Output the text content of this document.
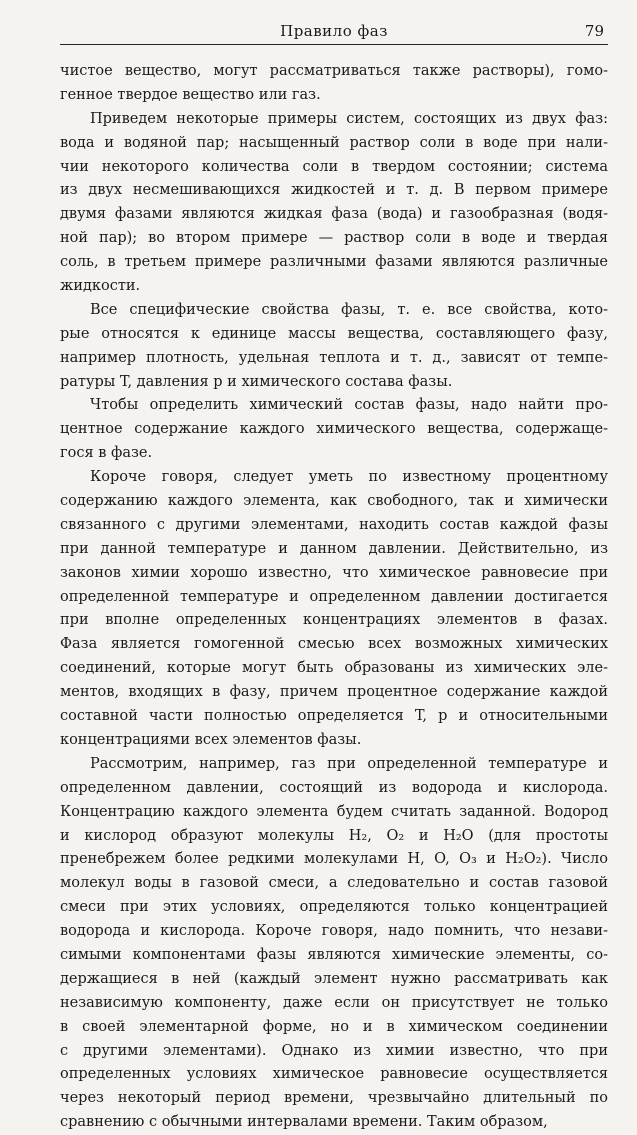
Правило фаз	79
чистое вещество, могут рассматриваться также растворы), гомо-
генное твердое вещество или газ.
Приведем некоторые примеры систем, состоящих из двух фаз:
вода и водяной пар; насыщенный раствор соли в воде при нали-
чии некоторого количества соли в твердом состоянии; система
из двух несмешивающихся жидкостей и т. д. В первом примере
двумя фазами являются жидкая фаза (вода) и газообразная (водя-
ной пар); во втором примере — раствор соли в воде и твердая
соль, в третьем примере различными фазами являются различные
жидкости.
Все специфические свойства фазы, т. е. все свойства, кото-
рые относятся к единице массы вещества, составляющего фазу,
например плотность, удельная теплота и т. д., зависят от темпе-
ратуры T, давления p и химического состава фазы.
Чтобы определить химический состав фазы, надо найти про-
центное содержание каждого химического вещества, содержаще-
гося в фазе.
Короче говоря, следует уметь по известному процентному
содержанию каждого элемента, как свободного, так и химически
связанного с другими элементами, находить состав каждой фазы
при данной температуре и данном давлении. Действительно, из
законов химии хорошо известно, что химическое равновесие при
определенной температуре и определенном давлении достигается
при вполне определенных концентрациях элементов в фазах.
Фаза является гомогенной смесью всех возможных химических
соединений, которые могут быть образованы из химических эле-
ментов, входящих в фазу, причем процентное содержание каждой
составной части полностью определяется T, p и относительными
концентрациями всех элементов фазы.
Рассмотрим, например, газ при определенной температуре и
определенном давлении, состоящий из водорода и кислорода.
Концентрацию каждого элемента будем считать заданной. Водород
и кислород образуют молекулы H₂, O₂ и H₂O (для простоты
пренебрежем более редкими молекулами H, O, O₃ и H₂O₂). Число
молекул воды в газовой смеси, а следовательно и состав газовой
смеси при этих условиях, определяются только концентрацией
водорода и кислорода. Короче говоря, надо помнить, что незави-
симыми компонентами фазы являются химические элементы, со-
держащиеся в ней (каждый элемент нужно рассматривать как
независимую компоненту, даже если он присутствует не только
в своей элементарной форме, но и в химическом соединении
с другими элементами). Однако из химии известно, что при
определенных условиях химическое равновесие осуществляется
через некоторый период времени, чрезвычайно длительный по
сравнению с обычными интервалами времени. Таким образом,
